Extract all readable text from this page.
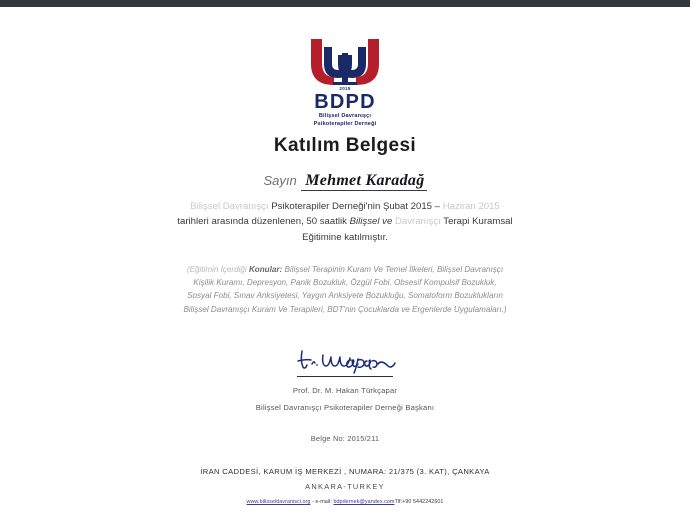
2015
BDPD
Bilişsel Davranışçı
Psikoterapiler Derneği
Katılım Belgesi
Sayın Mehmet Karadağ
Bilişsel Davranışçı Psikoterapiler Derneği'nin Şubat 2015 – Haziran 2015 tarihleri arasında düzenlenen, 50 saatlik Bilişsel ve Davranışçı Terapi Kuramsal Eğitimine katılmıştır.
(Eğitimin İçerdiği Konular: Bilişsel Terapinin Kuram Ve Temel İlkeleri, Bilişsel Davranışçı Kişilik Kuramı, Depresyon, Panik Bozukluk, Özgül Fobi, Obsesif Kompulsif Bozukluk, Sosyal Fobi, Sınav Anksiyetesi, Yaygın Anksiyete Bozukluğu, Somatoform Bozuklukların Bilişsel Davranışçı Kuram Ve Terapileri, BDT'nin Çocuklarda ve Ergenlerde Uygulamaları.)
Prof. Dr. M. Hakan Türkçapar
Bilişsel Davranışçı Psikoterapiler Derneği Başkanı
Belge No: 2015/211
İRAN CADDESİ, KARUM İŞ MERKEZİ , NUMARA: 21/375 (3. KAT), ÇANKAYA
ANKARA-TURKEY
www.bilisseldavranisci.org - e-mail: bdpdernek@yandex.comTlf:+90 5442242601
